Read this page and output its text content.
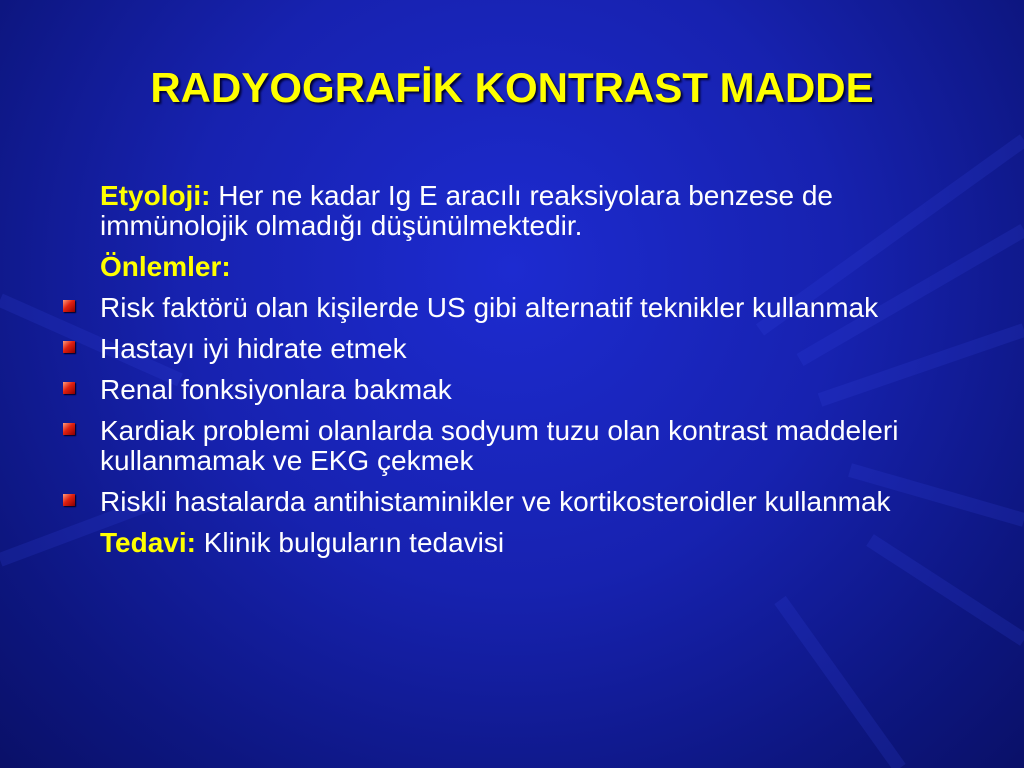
RADYOGRAFİK KONTRAST MADDE
Etyoloji: Her ne kadar Ig E aracılı reaksiyolara benzese de immünolojik olmadığı düşünülmektedir.
Önlemler:
Risk faktörü olan kişilerde US gibi alternatif teknikler kullanmak
Hastayı iyi hidrate etmek
Renal fonksiyonlara bakmak
Kardiak problemi olanlarda sodyum tuzu olan kontrast maddeleri kullanmamak ve EKG çekmek
Riskli hastalarda antihistaminikler ve kortikosteroidler kullanmak
Tedavi: Klinik bulguların tedavisi
